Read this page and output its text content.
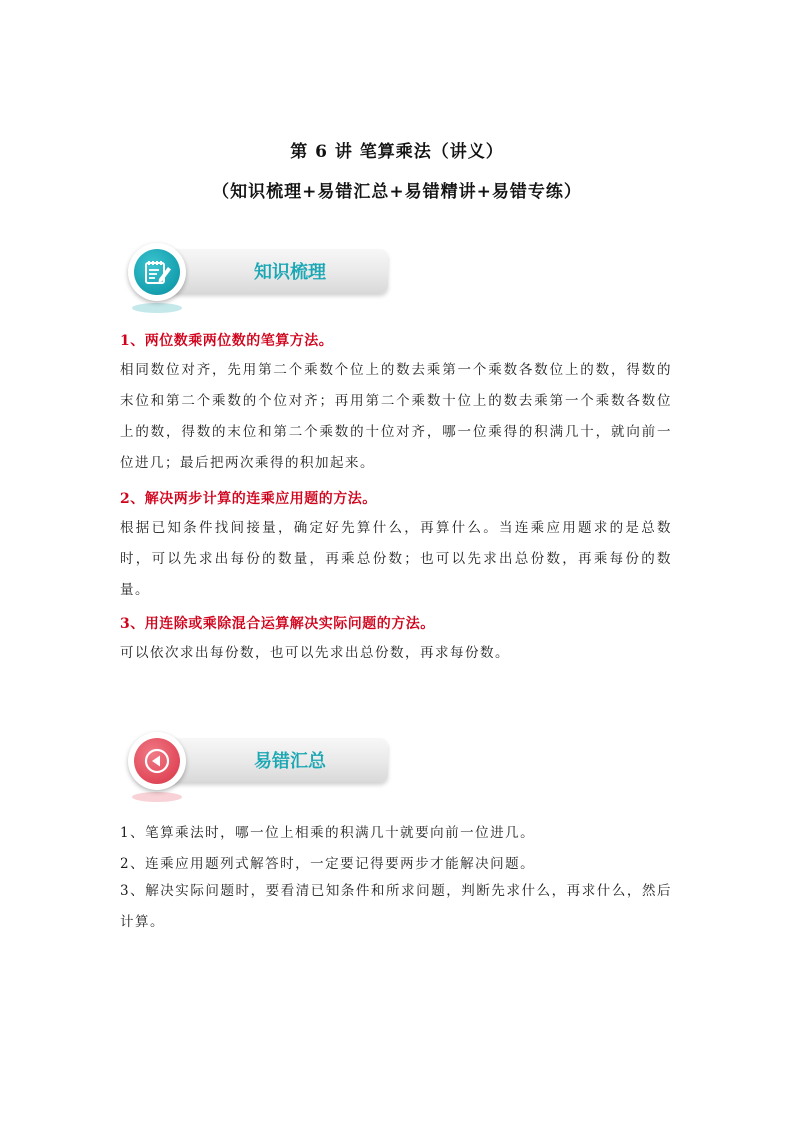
第 6 讲 笔算乘法（讲义）
（知识梳理+易错汇总+易错精讲+易错专练）
知识梳理
1、两位数乘两位数的笔算方法。

相同数位对齐，先用第二个乘数个位上的数去乘第一个乘数各数位上的数，得数的末位和第二个乘数的个位对齐；再用第二个乘数十位上的数去乘第一个乘数各数位上的数，得数的末位和第二个乘数的十位对齐，哪一位乘得的积满几十，就向前一位进几；最后把两次乘得的积加起来。

2、解决两步计算的连乘应用题的方法。

根据已知条件找间接量，确定好先算什么，再算什么。当连乘应用题求的是总数时，可以先求出每份的数量，再乘总份数；也可以先求出总份数，再乘每份的数量。

3、用连除或乘除混合运算解决实际问题的方法。

可以依次求出每份数，也可以先求出总份数，再求每份数。

易错汇总
1、笔算乘法时，哪一位上相乘的积满几十就要向前一位进几。
2、连乘应用题列式解答时，一定要记得要两步才能解决问题。

3、解决实际问题时，要看清已知条件和所求问题，判断先求什么，再求什么，然后计算。
